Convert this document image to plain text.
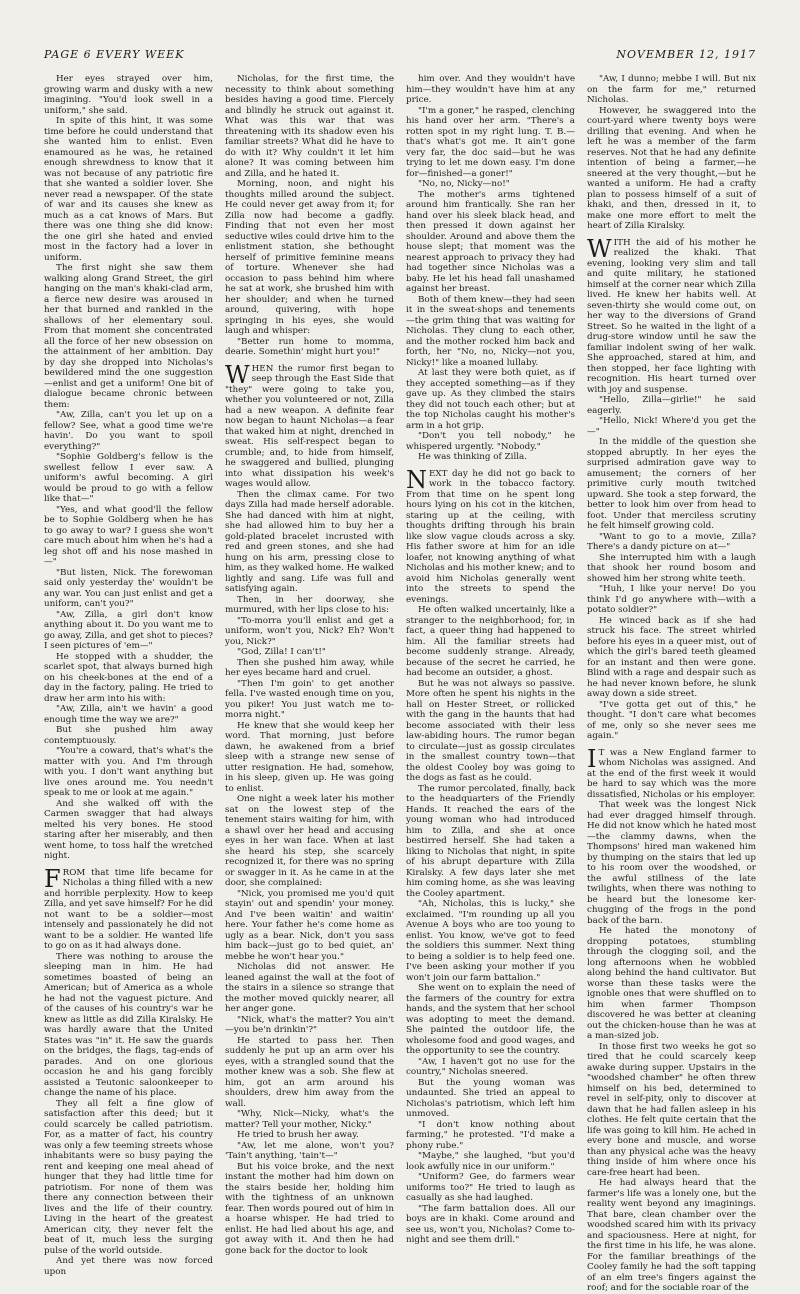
PAGE 6 EVERY WEEK	NOVEMBER 12, 1917

Her eyes strayed over him, growing warm and dusky with a new imagining. "You'd look swell in a uniform," she said.

In spite of this hint, it was some time before he could understand that she wanted him to enlist. Even enamoured as he was, he retained enough shrewdness to know that it was not because of any patriotic fire that she wanted a soldier lover. She never read a newspaper. Of the state of war and its causes she knew as much as a cat knows of Mars. But there was one thing she did know: the one girl she hated and envied most in the factory had a lover in uniform.

The first night she saw them walking along Grand Street, the girl hanging on the man's khaki-clad arm, a fierce new desire was aroused in her that burned and rankled in the shallows of her elementary soul. From that moment she concentrated all the force of her new obsession on the attainment of her ambition. Day by day she dropped into Nicholas's bewildered mind the one suggestion—enlist and get a uniform! One bit of dialogue became chronic between them:

"Aw, Zilla, can't you let up on a fellow? See, what a good time we're havin'. Do you want to spoil everything?"

"Sophie Goldberg's fellow is the swellest fellow I ever saw. A uniform's awful becoming. A girl would be proud to go with a fellow like that—"

"Yes, and what good'll the fellow be to Sophie Goldberg when he has to go away to war? I guess she won't care much about him when he's had a leg shot off and his nose mashed in—"

"But listen, Nick. The forewoman said only yesterday the' wouldn't be any war. You can just enlist and get a uniform, can't you?"

"Aw, Zilla, a girl don't know anything about it. Do you want me to go away, Zilla, and get shot to pieces? I seen pictures of 'em—"

He stopped with a shudder, the scarlet spot, that always burned high on his cheek-bones at the end of a day in the factory, paling. He tried to draw her arm into his with:

"Aw, Zilla, ain't we havin' a good enough time the way we are?"

But she pushed him away contemptuously.

"You're a coward, that's what's the matter with you. And I'm through with you. I don't want anything but live ones around me. You needn't speak to me or look at me again."

And she walked off with the Carmen swagger that had always melted his very bones. He stood staring after her miserably, and then went home, to toss half the wretched night.

FROM that time life became for Nicholas a thing filled with a new and horrible perplexity. How to keep Zilla, and yet save himself? For he did not want to be a soldier—most intensely and passionately he did not want to be a soldier. He wanted life to go on as it had always done.

There was nothing to arouse the sleeping man in him. He had sometimes boasted of being an American; but of America as a whole he had not the vaguest picture. And of the causes of his country's war he knew as little as did Zilla Kiralsky. He was hardly aware that the United States was "in" it. He saw the guards on the bridges, the flags, tag-ends of parades. And on one glorious occasion he and his gang forcibly assisted a Teutonic saloonkeeper to change the name of his place.

They all felt a fine glow of satisfaction after this deed; but it could scarcely be called patriotism. For, as a matter of fact, his country was only a few teeming streets whose inhabitants were so busy paying the rent and keeping one meal ahead of hunger that they had little time for patriotism. For none of them was there any connection between their lives and the life of their country. Living in the heart of the greatest American city, they never felt the beat of it, much less the surging pulse of the world outside.

And yet there was now forced upon

Nicholas, for the first time, the necessity to think about something besides having a good time. Fiercely and blindly he struck out against it. What was this war that was threatening with its shadow even his familiar streets? What did he have to do with it? Why couldn't it let him alone? It was coming between him and Zilla, and he hated it.

Morning, noon, and night his thoughts milled around the subject. He could never get away from it; for Zilla now had become a gadfly. Finding that not even her most seductive wiles could drive him to the enlistment station, she bethought herself of primitive feminine means of torture. Whenever she had occasion to pass behind him where he sat at work, she brushed him with her shoulder; and when he turned around, quivering, with hope springing in his eyes, she would laugh and whisper:

"Better run home to momma, dearie. Somethin' might hurt you!"

WHEN the rumor first began to seep through the East Side that "they" were going to take you, whether you volunteered or not, Zilla had a new weapon. A definite fear now began to haunt Nicholas—a fear that waked him at night, drenched in sweat. His self-respect began to crumble; and, to hide from himself, he swaggered and bullied, plunging into what dissipation his week's wages would allow.

Then the climax came. For two days Zilla had made herself adorable. She had danced with him at night, she had allowed him to buy her a gold-plated bracelet incrusted with red and green stones, and she had hung on his arm, pressing close to him, as they walked home. He walked lightly and sang. Life was full and satisfying again.

Then, in her doorway, she murmured, with her lips close to his:

"To-morra you'll enlist and get a uniform, won't you, Nick? Eh? Won't you, Nick?"

"God, Zilla! I can't!"

Then she pushed him away, while her eyes became hard and cruel.

"Then I'm goin' to get another fella. I've wasted enough time on you, you piker! You just watch me to-morra night."

He knew that she would keep her word. That morning, just before dawn, he awakened from a brief sleep with a strange new sense of utter resignation. He had, somehow, in his sleep, given up. He was going to enlist.

One night a week later his mother sat on the lowest step of the tenement stairs waiting for him, with a shawl over her head and accusing eyes in her wan face. When at last she heard his step, she scarcely recognized it, for there was no spring or swagger in it. As he came in at the door, she complained:

"Nick, you promised me you'd quit stayin' out and spendin' your money. And I've been waitin' and waitin' here. Your father he's come home as ugly as a bear. Nick, don't you sass him back—just go to bed quiet, an' mebbe he won't hear you."

Nicholas did not answer. He leaned against the wall at the foot of the stairs in a silence so strange that the mother moved quickly nearer, all her anger gone.

"Nick, what's the matter? You ain't—you be'n drinkin'?"

He started to pass her. Then suddenly he put up an arm over his eyes, with a strangled sound that the mother knew was a sob. She flew at him, got an arm around his shoulders, drew him away from the wall.

"Why, Nick—Nicky, what's the matter? Tell your mother, Nicky."

He tried to brush her away.

"Aw, let me alone, won't you? 'Tain't anything, 'tain't—"

But his voice broke, and the next instant the mother had him down on the stairs beside her, holding him with the tightness of an unknown fear. Then words poured out of him in a hoarse whisper. He had tried to enlist. He had lied about his age, and got away with it. And then he had gone back for the doctor to look

him over. And they wouldn't have him—they wouldn't have him at any price.

"I'm a goner," he rasped, clenching his hand over her arm. "There's a rotten spot in my right lung. T. B.—that's what's got me. It ain't gone very far, the doc said—but he was trying to let me down easy. I'm done for—finished—a goner!"

"No, no, Nicky—no!"

The mother's arms tightened around him frantically. She ran her hand over his sleek black head, and then pressed it down against her shoulder. Around and above them the house slept; that moment was the nearest approach to privacy they had had together since Nicholas was a baby. He let his head fall unashamed against her breast.

Both of them knew—they had seen it in the sweat-shops and tenements—the grim thing that was waiting for Nicholas. They clung to each other, and the mother rocked him back and forth, her "No, no, Nicky—not you, Nicky!" like a moaned lullaby.

At last they were both quiet, as if they accepted something—as if they gave up. As they climbed the stairs they did not touch each other; but at the top Nicholas caught his mother's arm in a hot grip.

"Don't you tell nobody," he whispered urgently. "Nobody."

He was thinking of Zilla.

NEXT day he did not go back to work in the tobacco factory. From that time on he spent long hours lying on his cot in the kitchen, staring up at the ceiling, with thoughts drifting through his brain like slow vague clouds across a sky. His father swore at him for an idle loafer, not knowing anything of what Nicholas and his mother knew; and to avoid him Nicholas generally went into the streets to spend the evenings.

He often walked uncertainly, like a stranger to the neighborhood; for, in fact, a queer thing had happened to him. All the familiar streets had become suddenly strange. Already, because of the secret he carried, he had become an outsider, a ghost.

But he was not always so passive. More often he spent his nights in the hall on Hester Street, or rollicked with the gang in the haunts that had become associated with their less law-abiding hours. The rumor began to circulate—just as gossip circulates in the smallest country town—that the oldest Cooley boy was going to the dogs as fast as he could.

The rumor percolated, finally, back to the headquarters of the Friendly Hands. It reached the ears of the young woman who had introduced him to Zilla, and she at once bestirred herself. She had taken a liking to Nicholas that night, in spite of his abrupt departure with Zilla Kiralsky. A few days later she met him coming home, as she was leaving the Cooley apartment.

"Ah, Nicholas, this is lucky," she exclaimed. "I'm rounding up all you Avenue A boys who are too young to enlist. You know, we've got to feed the soldiers this summer. Next thing to being a soldier is to help feed one. I've been asking your mother if you won't join our farm battalion."

She went on to explain the need of the farmers of the country for extra hands, and the system that her school was adopting to meet the demand. She painted the outdoor life, the wholesome food and good wages, and the opportunity to see the country.

"Aw, I haven't got no use for the country," Nicholas sneered.

But the young woman was undaunted. She tried an appeal to Nicholas's patriotism, which left him unmoved.

"I don't know nothing about farming," he protested. "I'd make a phony rube."

"Maybe," she laughed, "but you'd look awfully nice in our uniform."

"Uniform? Gee, do farmers wear uniforms too?" He tried to laugh as casually as she had laughed.

"The farm battalion does. All our boys are in khaki. Come around and see us, won't you, Nicholas? Come to-night and see them drill."

"Aw, I dunno; mebbe I will. But nix on the farm for me," returned Nicholas.

However, he swaggered into the court-yard where twenty boys were drilling that evening. And when he left he was a member of the farm reserves. Not that he had any definite intention of being a farmer,—he sneered at the very thought,—but he wanted a uniform. He had a crafty plan to possess himself of a suit of khaki, and then, dressed in it, to make one more effort to melt the heart of Zilla Kiralsky.

WITH the aid of his mother he realized the khaki. That evening, looking very slim and tall and quite military, he stationed himself at the corner near which Zilla lived. He knew her habits well. At seven-thirty she would come out, on her way to the diversions of Grand Street. So he waited in the light of a drug-store window until he saw the familiar indolent swing of her walk. She approached, stared at him, and then stopped, her face lighting with recognition. His heart turned over with joy and suspense.

"Hello, Zilla—girlie!" he said eagerly.

"Hello, Nick! Where'd you get the—"

In the middle of the question she stopped abruptly. In her eyes the surprised admiration gave way to amusement; the corners of her primitive curly mouth twitched upward. She took a step forward, the better to look him over from head to foot. Under that merciless scrutiny he felt himself growing cold.

"Want to go to a movie, Zilla? There's a dandy picture on at—"

She interrupted him with a laugh that shook her round bosom and showed him her strong white teeth.

"Huh, I like your nerve! Do you think I'd go anywhere with—with a potato soldier?"

He winced back as if she had struck his face. The street whirled before his eyes in a queer mist, out of which the girl's bared teeth gleamed for an instant and then were gone. Blind with a rage and despair such as he had never known before, he slunk away down a side street.

"I've gotta get out of this," he thought. "I don't care what becomes of me, only so she never sees me again."

IT was a New England farmer to whom Nicholas was assigned. And at the end of the first week it would be hard to say which was the more dissatisfied, Nicholas or his employer.

That week was the longest Nick had ever dragged himself through. He did not know which he hated most—the clammy dawns, when the Thompsons' hired man wakened him by thumping on the stairs that led up to his room over the woodshed, or the awful stillness of the late twilights, when there was nothing to be heard but the lonesome ker-chugging of the frogs in the pond back of the barn.

He hated the monotony of dropping potatoes, stumbling through the clogging soil, and the long afternoons when he wobbled along behind the hand cultivator. But worse than these tasks were the ignoble ones that were shuffled on to him when farmer Thompson discovered he was better at cleaning out the chicken-house than he was at a man-sized job.

In those first two weeks he got so tired that he could scarcely keep awake during supper. Upstairs in the "woodshed chamber" he often threw himself on his bed, determined to revel in self-pity, only to discover at dawn that he had fallen asleep in his clothes. He felt quite certain that the life was going to kill him. He ached in every bone and muscle, and worse than any physical ache was the heavy thing inside of him where once his care-free heart had been.

He had always heard that the farmer's life was a lonely one, but the reality went beyond any imaginings. That bare, clean chamber over the woodshed scared him with its privacy and spaciousness. Here at night, for the first time in his life, he was alone. For the familiar breathings of the Cooley family he had the soft tapping of an elm tree's fingers against the roof; and for the sociable roar of the
